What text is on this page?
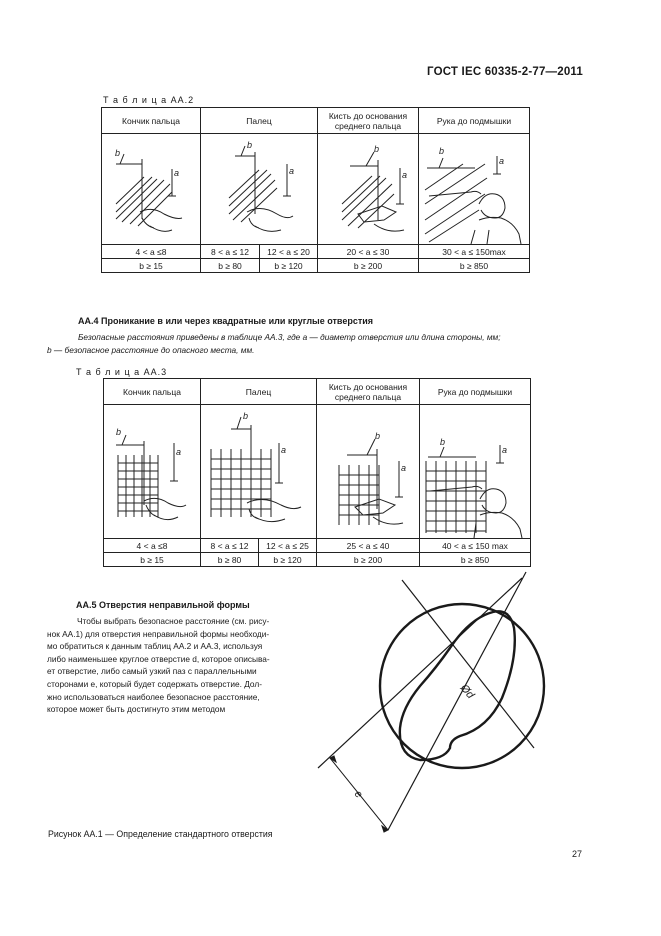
ГОСТ IEC 60335-2-77—2011
Т а б л и ц а АА.2
Кончик пальца	Палец		Кисть до основания среднего пальца	Рука до подмышки

b
a	b
a		b
a	b
a

4 < a ≤8	8 < a ≤ 12	12 < a ≤ 20	20 < a ≤ 30	30 < a ≤ 150max
b ≥ 15	b ≥ 80	b ≥ 120	b ≥ 200	b ≥ 850
АА.4 Проникание в или через квадратные или круглые отверстия
Безопасные расстояния приведены в таблице АА.3, где a — диаметр отверстия или длина стороны, мм;
b — безопасное расстояние до опасного места, мм.
Т а б л и ц а АА.3
Кончик пальца	Палец		Кисть до основания среднего пальца	Рука до подмышки

b
a	b
a		b
a	b
a

4 < a ≤8	8 < a ≤ 12	12 < a ≤ 25	25 < a ≤ 40	40 < a ≤ 150 max
b ≥ 15	b ≥ 80	b ≥ 120	b ≥ 200	b ≥ 850
АА.5 Отверстия неправильной формы
Чтобы выбрать безопасное расстояние (см. рису-
нок АА.1) для отверстия неправильной формы необходи-
мо обратиться к данным таблиц АА.2 и АА.3, используя
либо наименьшее круглое отверстие d, которое описыва-
ет отверстие, либо самый узкий паз с параллельными
сторонами e, который будет содержать отверстие. Дол-
жно использоваться наиболее безопасное расстояние,
которое может быть достигнуто этим методом
Ød
e
Рисунок АА.1 — Определение стандартного отверстия
27
